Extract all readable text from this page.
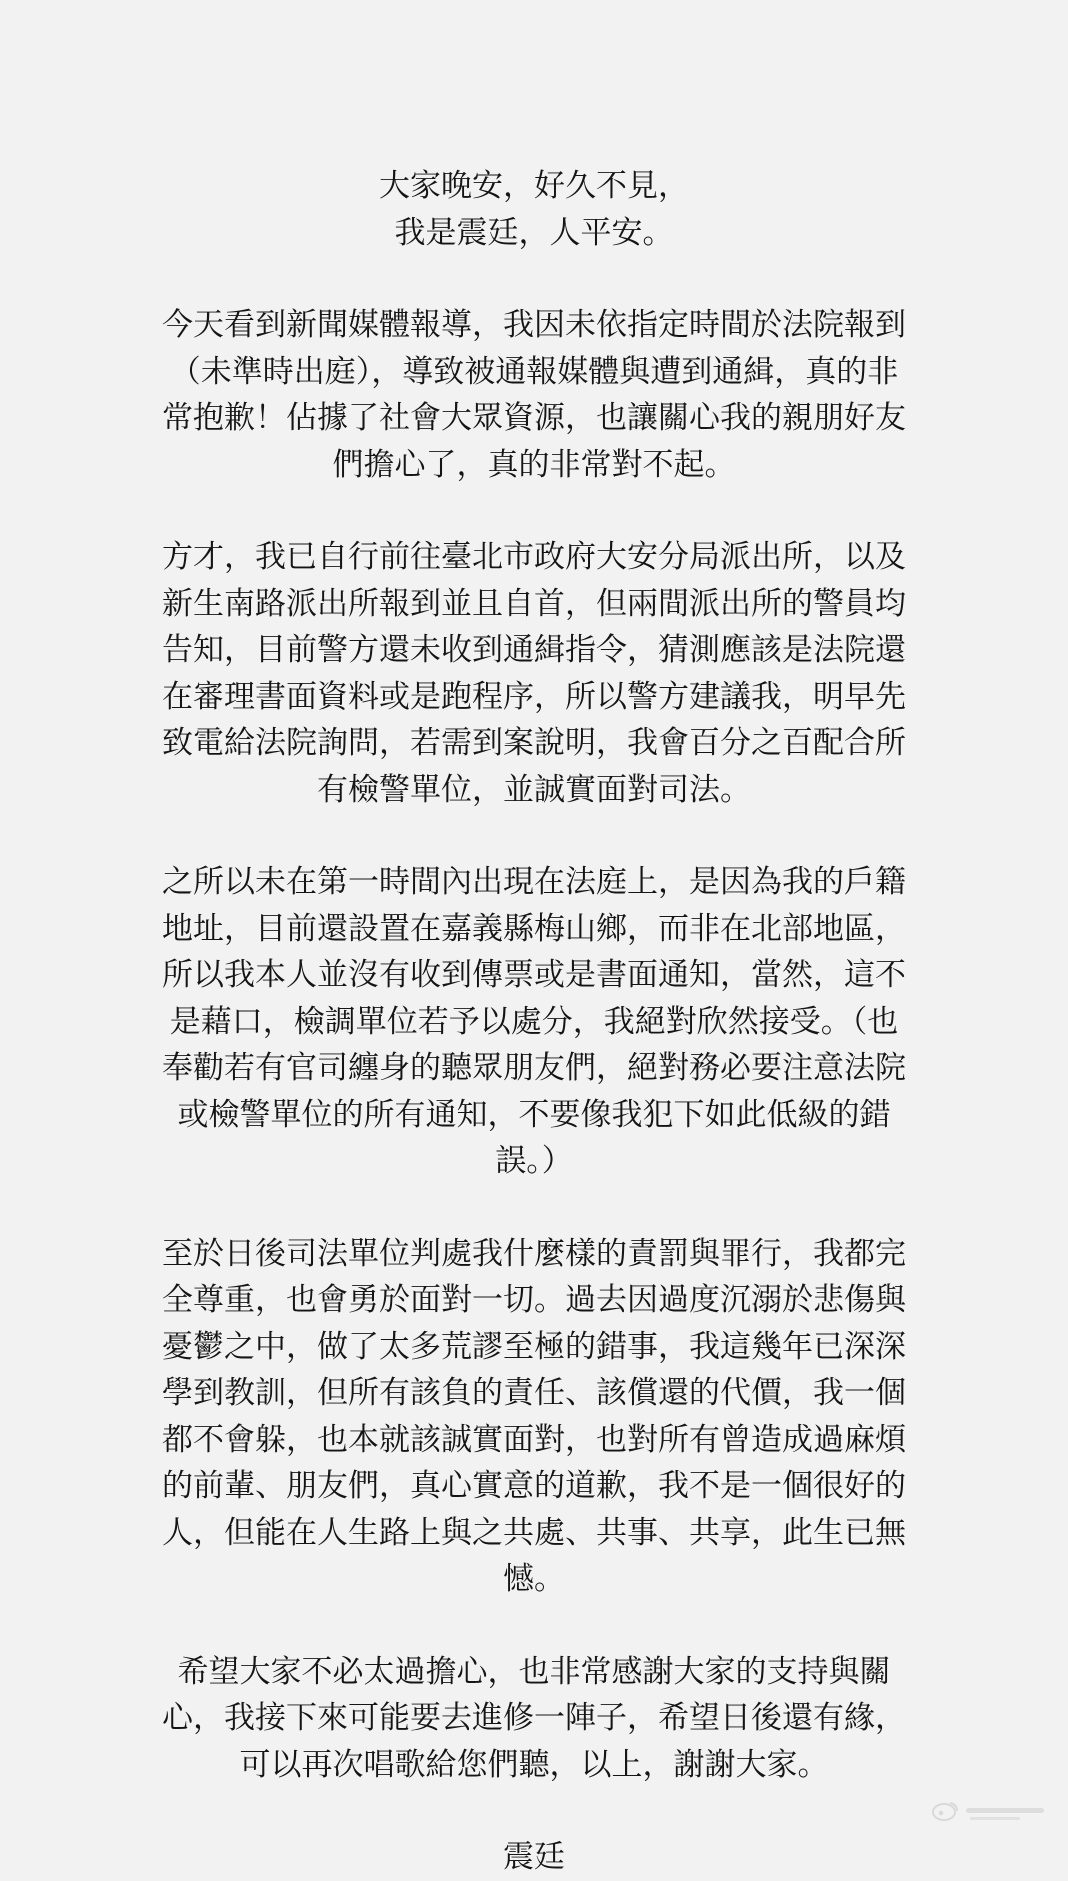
大家晚安，好久不見，
我是震廷，人平安。
今天看到新聞媒體報導，我因未依指定時間於法院報到
（未準時出庭），導致被通報媒體與遭到通緝，真的非
常抱歉！佔據了社會大眾資源，也讓關心我的親朋好友
們擔心了，真的非常對不起。
方才，我已自行前往臺北市政府大安分局派出所，以及
新生南路派出所報到並且自首，但兩間派出所的警員均
告知，目前警方還未收到通緝指令，猜測應該是法院還
在審理書面資料或是跑程序，所以警方建議我，明早先
致電給法院詢問，若需到案說明，我會百分之百配合所
有檢警單位，並誠實面對司法。
之所以未在第一時間內出現在法庭上，是因為我的戶籍
地址，目前還設置在嘉義縣梅山鄉，而非在北部地區，
所以我本人並沒有收到傳票或是書面通知，當然，這不
是藉口，檢調單位若予以處分，我絕對欣然接受。（也
奉勸若有官司纏身的聽眾朋友們，絕對務必要注意法院
或檢警單位的所有通知，不要像我犯下如此低級的錯
誤。）
至於日後司法單位判處我什麼樣的責罰與罪行，我都完
全尊重，也會勇於面對一切。過去因過度沉溺於悲傷與
憂鬱之中，做了太多荒謬至極的錯事，我這幾年已深深
學到教訓，但所有該負的責任、該償還的代價，我一個
都不會躲，也本就該誠實面對，也對所有曾造成過麻煩
的前輩、朋友們，真心實意的道歉，我不是一個很好的
人，但能在人生路上與之共處、共事、共享，此生已無
憾。
希望大家不必太過擔心，也非常感謝大家的支持與關
心，我接下來可能要去進修一陣子，希望日後還有緣，
可以再次唱歌給您們聽，以上，謝謝大家。
震廷
